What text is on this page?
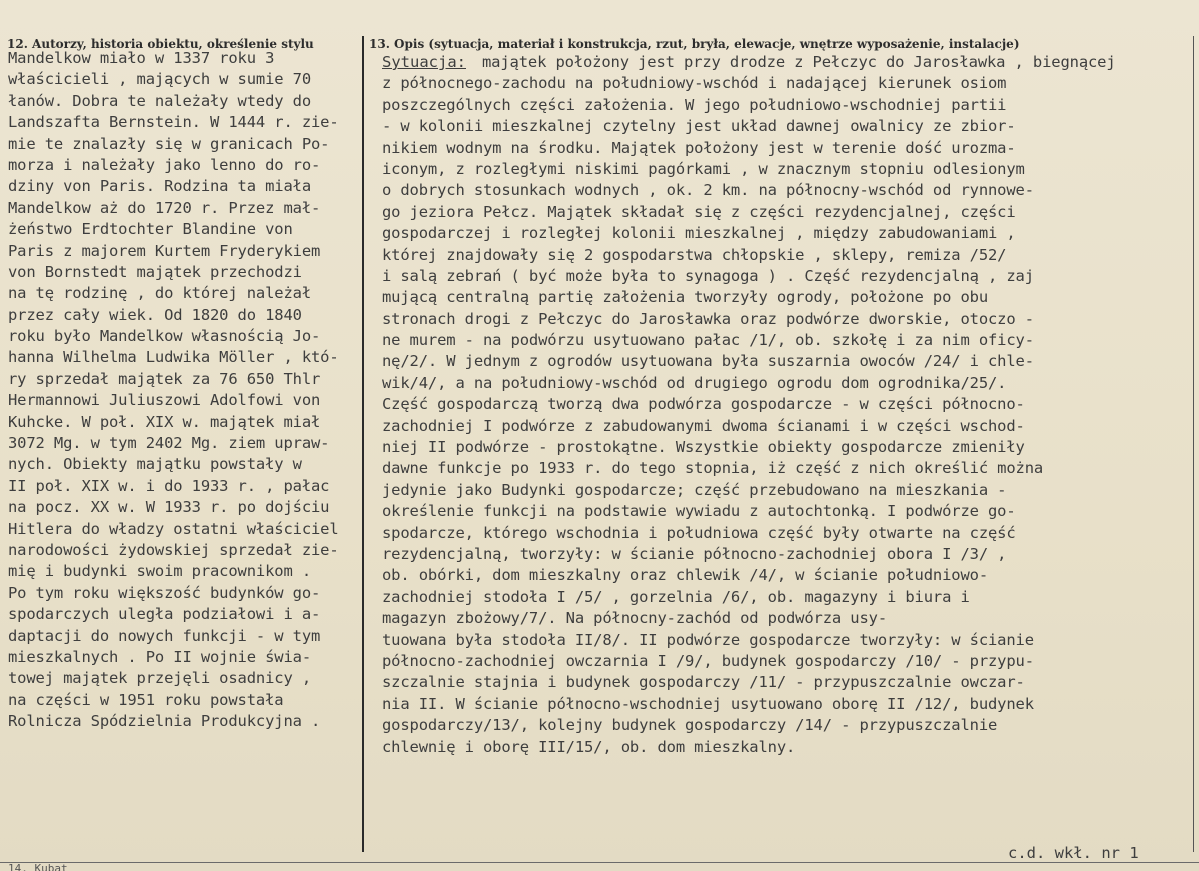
12. Autorzy, historia obiektu, określenie stylu	13. Opis (sytuacja, materiał i konstrukcja, rzut, bryła, elewacje, wnętrze wyposażenie, instalacje)
Mandelkow miało w 1337 roku 3
właścicieli , mających w sumie 70
łanów. Dobra te należały wtedy do
Landszafta Bernstein. W 1444 r. zie-
mie te znalazły się w granicach Po-
morza i należały jako lenno do ro-
dziny von Paris. Rodzina ta miała
Mandelkow aż do 1720 r. Przez mał-
żeństwo Erdtochter Blandine von
Paris z majorem Kurtem Fryderykiem
von Bornstedt majątek przechodzi
na tę rodzinę , do której należał
przez cały wiek. Od 1820 do 1840
roku było Mandelkow własnością Jo-
hanna Wilhelma Ludwika Möller , któ-
ry sprzedał majątek za 76 650 Thlr
Hermannowi Juliuszowi Adolfowi von
Kuhcke. W poł. XIX w. majątek miał
3072 Mg. w tym 2402 Mg. ziem upraw-
nych. Obiekty majątku powstały w
II poł. XIX w. i do 1933 r. , pałac
na pocz. XX w. W 1933 r. po dojściu
Hitlera do władzy ostatni właściciel
narodowości żydowskiej sprzedał zie-
mię i budynki swoim pracownikom .
Po tym roku większość budynków go-
spodarczych uległa podziałowi i a-
daptacji do nowych funkcji - w tym
mieszkalnych . Po II wojnie świa-
towej majątek przejęli osadnicy ,
na części w 1951 roku powstała
Rolnicza Spódzielnia Produkcyjna .
Sytuacja:	majątek położony jest przy drodze z Pełczyc do Jarosławka , biegnącej
z północnego-zachodu na południowy-wschód i nadającej kierunek osiom
poszczególnych części założenia. W jego południowo-wschodniej partii
- w kolonii mieszkalnej czytelny jest układ dawnej owalnicy ze zbior-
nikiem wodnym na środku. Majątek położony jest w terenie dość urozma-
iconym, z rozległymi niskimi pagórkami , w znacznym stopniu odlesionym
o dobrych stosunkach wodnych , ok. 2 km. na północny-wschód od rynnowe-
go jeziora Pełcz. Majątek składał się z części rezydencjalnej, części
gospodarczej i rozległej kolonii mieszkalnej , między zabudowaniami ,
której znajdowały się 2 gospodarstwa chłopskie , sklepy, remiza /52/
i salą zebrań ( być może była to synagoga ) . Część rezydencjalną , zaj
mującą centralną partię założenia tworzyły ogrody, położone po obu
stronach drogi z Pełczyc do Jarosławka oraz podwórze dworskie, otoczo -
ne murem - na podwórzu usytuowano pałac /1/, ob. szkołę i za nim oficy-
nę/2/. W jednym z ogrodów usytuowana była suszarnia owoców /24/ i chle-
wik/4/, a na południowy-wschód od drugiego ogrodu dom ogrodnika/25/.
Część gospodarczą tworzą dwa podwórza gospodarcze - w części północno-
zachodniej I podwórze z zabudowanymi dwoma ścianami i w części wschod-
niej II podwórze - prostokątne. Wszystkie obiekty gospodarcze zmieniły
dawne funkcje po 1933 r. do tego stopnia, iż część z nich określić można
jedynie jako Budynki gospodarcze; część przebudowano na mieszkania -
określenie funkcji na podstawie wywiadu z autochtonką. I podwórze go-
spodarcze, którego wschodnia i południowa część były otwarte na część
rezydencjalną, tworzyły: w ścianie północno-zachodniej obora I /3/ ,
ob. obórki, dom mieszkalny oraz chlewik /4/, w ścianie południowo-
zachodniej stodoła I /5/ , gorzelnia /6/, ob. magazyny i biura i
magazyn zbożowy/7/. Na północny-zachód od podwórza usy-
tuowana była stodoła II/8/. II podwórze gospodarcze tworzyły: w ścianie
północno-zachodniej owczarnia I /9/, budynek gospodarczy /10/ - przypu-
szczalnie stajnia i budynek gospodarczy /11/ - przypuszczalnie owczar-
nia II. W ścianie północno-wschodniej usytuowano oborę II /12/, budynek
gospodarczy/13/, kolejny budynek gospodarczy /14/ - przypuszczalnie
chlewnię i oborę III/15/, ob. dom mieszkalny.
c.d. wkł. nr 1
14. Kubat
